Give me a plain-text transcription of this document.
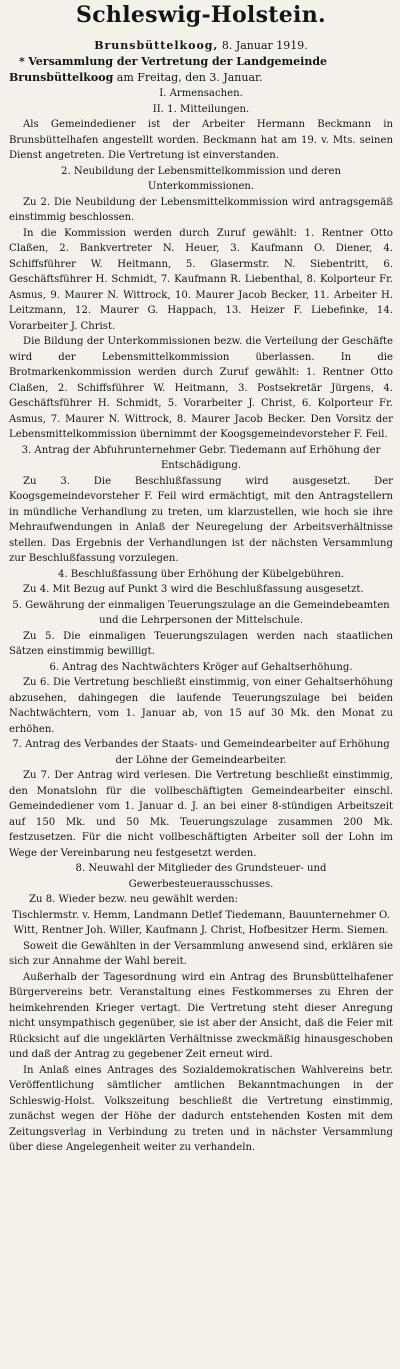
Schleswig-Holstein.
Brunsbüttelkoog, 8. Januar 1919.
* Versammlung der Vertretung der Landgemeinde Brunsbüttelkoog am Freitag, den 3. Januar.
I. Armensachen.
II. 1. Mitteilungen.

Als Gemeindediener ist der Arbeiter Hermann Beckmann in Brunsbüttelhafen angestellt worden. Beckmann hat am 19. v. Mts. seinen Dienst angetreten. Die Vertretung ist einverstanden.

2. Neubildung der Lebensmittelkommission und deren Unterkommissionen.

Zu 2. Die Neubildung der Lebensmittelkommission wird antragsgemäß einstimmig beschlossen.

In die Kommission werden durch Zuruf gewählt: 1. Rentner Otto Claßen, 2. Bankvertreter N. Heuer, 3. Kaufmann O. Diener, 4. Schiffsführer W. Heitmann, 5. Glasermstr. N. Siebentritt, 6. Geschäftsführer H. Schmidt, 7. Kaufmann R. Liebenthal, 8. Kolporteur Fr. Asmus, 9. Maurer N. Wittrock, 10. Maurer Jacob Becker, 11. Arbeiter H. Leitzmann, 12. Maurer G. Happach, 13. Heizer F. Liebefinke, 14. Vorarbeiter J. Christ.

Die Bildung der Unterkommissionen bezw. die Verteilung der Geschäfte wird der Lebensmittelkommission überlassen. In die Brotmarkenkommission werden durch Zuruf gewählt: 1. Rentner Otto Claßen, 2. Schiffsführer W. Heitmann, 3. Postsekretär Jürgens, 4. Geschäftsführer H. Schmidt, 5. Vorarbeiter J. Christ, 6. Kolporteur Fr. Asmus, 7. Maurer N. Wittrock, 8. Maurer Jacob Becker. Den Vorsitz der Lebensmittelkommission übernimmt der Koogsgemeindevorsteher F. Feil.

3. Antrag der Abfuhrunternehmer Gebr. Tiedemann auf Erhöhung der Entschädigung.

Zu 3. Die Beschlußfassung wird ausgesetzt. Der Koogsgemeindevorsteher F. Feil wird ermächtigt, mit den Antragstellern in mündliche Verhandlung zu treten, um klarzustellen, wie hoch sie ihre Mehraufwendungen in Anlaß der Neuregelung der Arbeitsverhältnisse stellen. Das Ergebnis der Verhandlungen ist der nächsten Versammlung zur Beschlußfassung vorzulegen.

4. Beschlußfassung über Erhöhung der Kübelgebühren.

Zu 4. Mit Bezug auf Punkt 3 wird die Beschlußfassung ausgesetzt.

5. Gewährung der einmaligen Teuerungszulage an die Gemeindebeamten und die Lehrpersonen der Mittelschule.

Zu 5. Die einmaligen Teuerungszulagen werden nach staatlichen Sätzen einstimmig bewilligt.

6. Antrag des Nachtwächters Kröger auf Gehaltserhöhung.

Zu 6. Die Vertretung beschließt einstimmig, von einer Gehaltserhöhung abzusehen, dahingegen die laufende Teuerungszulage bei beiden Nachtwächtern, vom 1. Januar ab, von 15 auf 30 Mk. den Monat zu erhöhen.

7. Antrag des Verbandes der Staats- und Gemeindearbeiter auf Erhöhung der Löhne der Gemeindearbeiter.

Zu 7. Der Antrag wird verlesen. Die Vertretung beschließt einstimmig, den Monatslohn für die vollbeschäftigten Gemeindearbeiter einschl. Gemeindediener vom 1. Januar d. J. an bei einer 8-stündigen Arbeitszeit auf 150 Mk. und 50 Mk. Teuerungszulage zusammen 200 Mk. festzusetzen. Für die nicht vollbeschäftigten Arbeiter soll der Lohn im Wege der Vereinbarung neu festgesetzt werden.

8. Neuwahl der Mitglieder des Grundsteuer- und Gewerbesteuerausschusses.
Zu 8. Wieder bezw. neu gewählt werden:
Tischlermstr. v. Hemm, Landmann Detlef Tiedemann, Bauunternehmer O. Witt, Rentner Joh. Willer, Kaufmann J. Christ, Hofbesitzer Herm. Siemen.

Soweit die Gewählten in der Versammlung anwesend sind, erklären sie sich zur Annahme der Wahl bereit.

Außerhalb der Tagesordnung wird ein Antrag des Brunsbüttelhafener Bürgervereins betr. Veranstaltung eines Festkommerses zu Ehren der heimkehrenden Krieger vertagt. Die Vertretung steht dieser Anregung nicht unsympathisch gegenüber, sie ist aber der Ansicht, daß die Feier mit Rücksicht auf die ungeklärten Verhältnisse zweckmäßig hinausgeschoben und daß der Antrag zu gegebener Zeit erneut wird.

In Anlaß eines Antrages des Sozialdemokratischen Wahlvereins betr. Veröffentlichung sämtlicher amtlichen Bekanntmachungen in der Schleswig-Holst. Volkszeitung beschließt die Vertretung einstimmig, zunächst wegen der Höhe der dadurch entstehenden Kosten mit dem Zeitungsverlag in Verbindung zu treten und in nächster Versammlung über diese Angelegenheit weiter zu verhandeln.
